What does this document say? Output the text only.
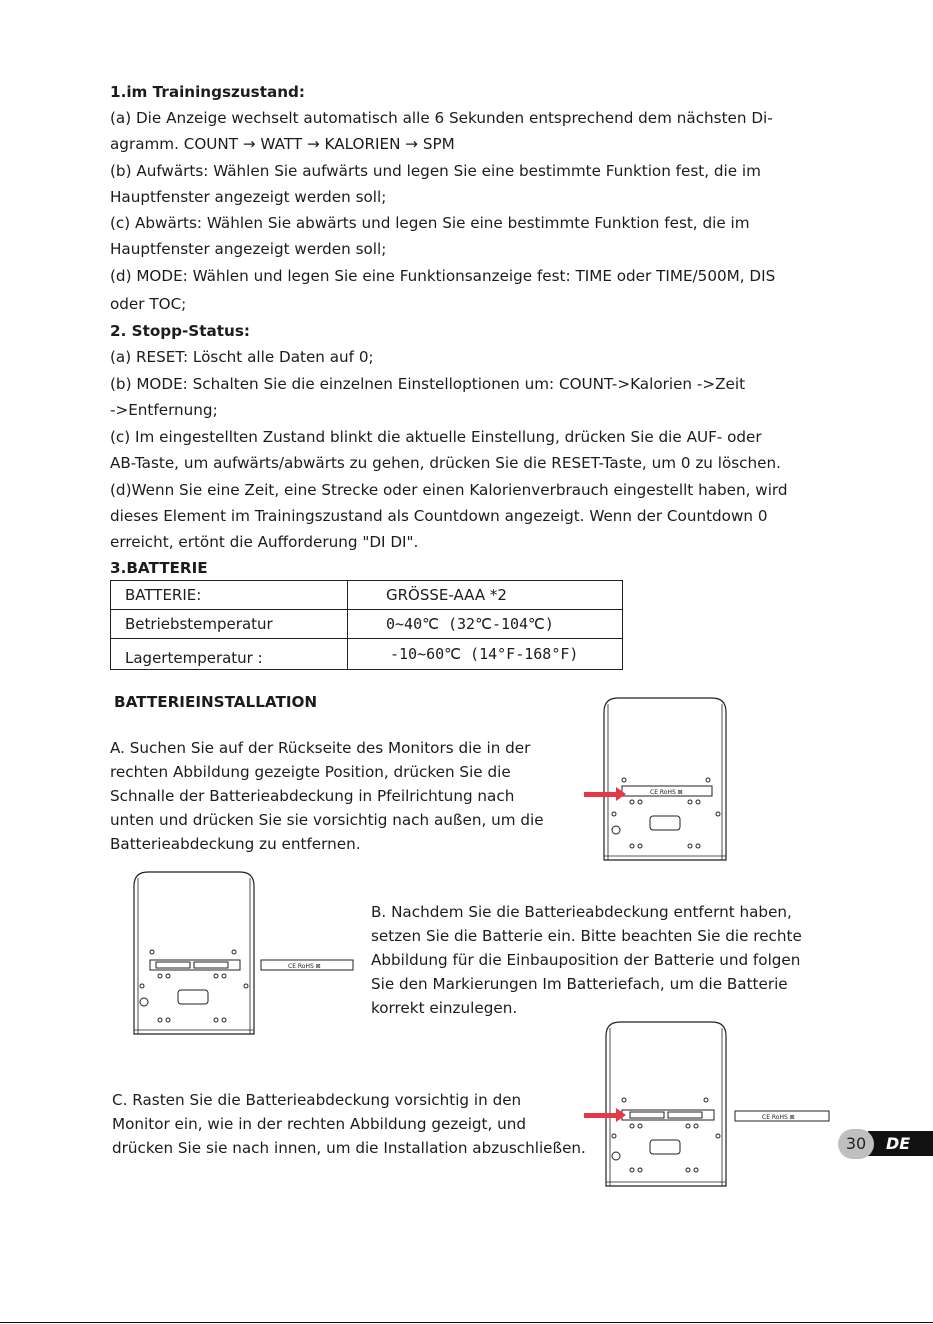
1.im Trainingszustand:
(a) Die Anzeige wechselt automatisch alle 6 Sekunden entsprechend dem nächsten Di-
agramm. COUNT → WATT → KALORIEN → SPM
(b) Aufwärts: Wählen Sie aufwärts und legen Sie eine bestimmte Funktion fest, die im
Hauptfenster angezeigt werden soll;
(c) Abwärts: Wählen Sie abwärts und legen Sie eine bestimmte Funktion fest, die im
Hauptfenster angezeigt werden soll;
(d) MODE: Wählen und legen Sie eine Funktionsanzeige fest: TIME oder TIME/500M, DIS
oder TOC;
2. Stopp-Status:
(a) RESET: Löscht alle Daten auf 0;
(b) MODE: Schalten Sie die einzelnen Einstelloptionen um: COUNT->Kalorien ->Zeit
->Entfernung;
(c) Im eingestellten Zustand blinkt die aktuelle Einstellung, drücken Sie die AUF- oder
AB-Taste, um aufwärts/abwärts zu gehen, drücken Sie die RESET-Taste, um 0 zu löschen.
(d)Wenn Sie eine Zeit, eine Strecke oder einen Kalorienverbrauch eingestellt haben, wird
dieses Element im Trainingszustand als Countdown angezeigt. Wenn der Countdown 0
erreicht, ertönt die Aufforderung "DI DI".
3.BATTERIE
BATTERIE:	GRÖSSE-AAA *2
Betriebstemperatur	0~40℃ (32℃-104℃)
Lagertemperatur :	-10~60℃ (14°F-168°F)
BATTERIEINSTALLATION
A. Suchen Sie auf der Rückseite des Monitors die in der
rechten Abbildung gezeigte Position, drücken Sie die
Schnalle der Batterieabdeckung in Pfeilrichtung nach
unten und drücken Sie sie vorsichtig nach außen, um die
Batterieabdeckung zu entfernen.
B. Nachdem Sie die Batterieabdeckung entfernt haben,
setzen Sie die Batterie ein. Bitte beachten Sie die rechte
Abbildung für die Einbauposition der Batterie und folgen
Sie den Markierungen Im Batteriefach, um die Batterie
korrekt einzulegen.
C. Rasten Sie die Batterieabdeckung vorsichtig in den
Monitor ein, wie in der rechten Abbildung gezeigt, und
drücken Sie sie nach innen, um die Installation abzuschließen.
CE RoHS ⊠
CE RoHS ⊠
CE RoHS ⊠
DE
30
